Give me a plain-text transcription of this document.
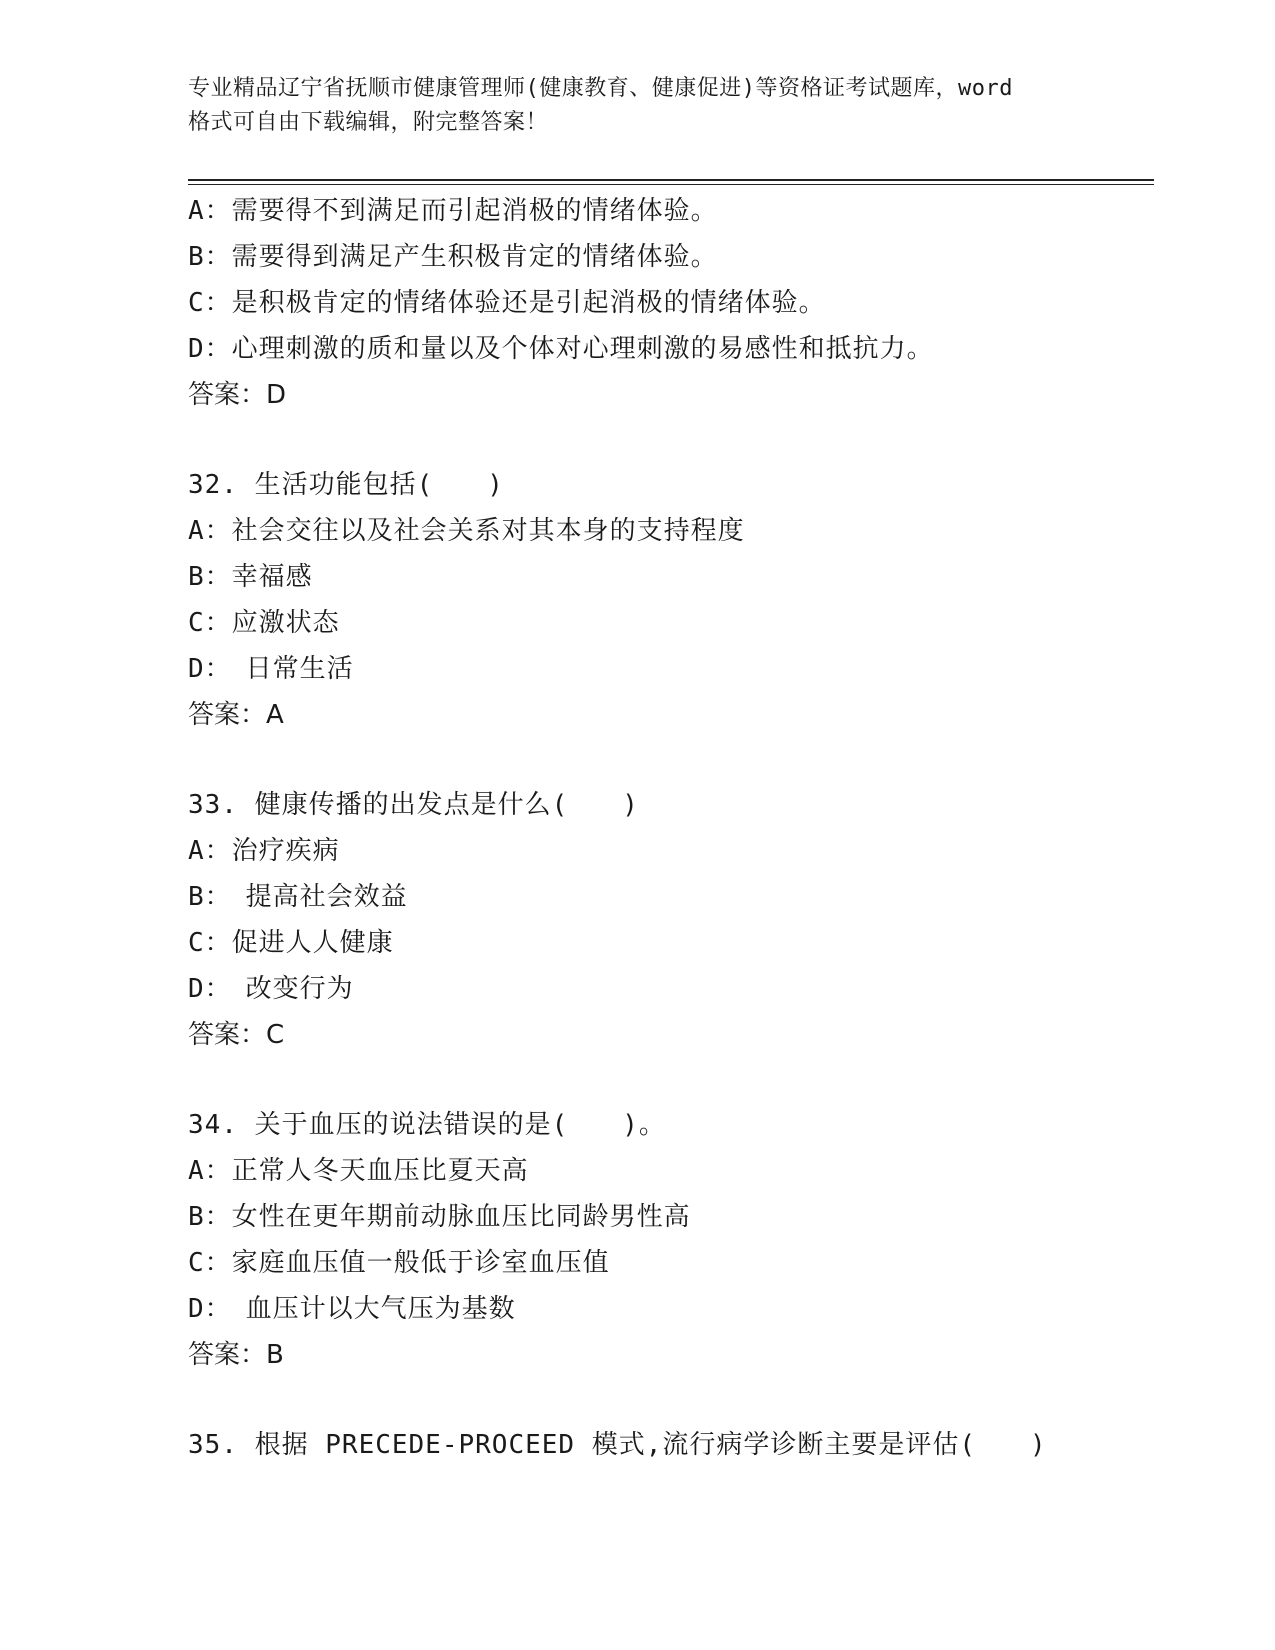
专业精品辽宁省抚顺市健康管理师(健康教育、健康促进)等资格证考试题库，word
格式可自由下载编辑，附完整答案！
A：需要得不到满足而引起消极的情绪体验。
B：需要得到满足产生积极肯定的情绪体验。
C：是积极肯定的情绪体验还是引起消极的情绪体验。
D：心理刺激的质和量以及个体对心理刺激的易感性和抵抗力。
答案：D
32. 生活功能包括(　　)
A：社会交往以及社会关系对其本身的支持程度
B：幸福感
C：应激状态
D：　日常生活
答案：A
33. 健康传播的出发点是什么(　　)
A：治疗疾病
B：　提高社会效益
C：促进人人健康
D：　改变行为
答案：C
34. 关于血压的说法错误的是(　　)。
A：正常人冬天血压比夏天高
B：女性在更年期前动脉血压比同龄男性高
C：家庭血压值一般低于诊室血压值
D：　血压计以大气压为基数
答案：B
35. 根据 PRECEDE-PROCEED 模式,流行病学诊断主要是评估(　　)
